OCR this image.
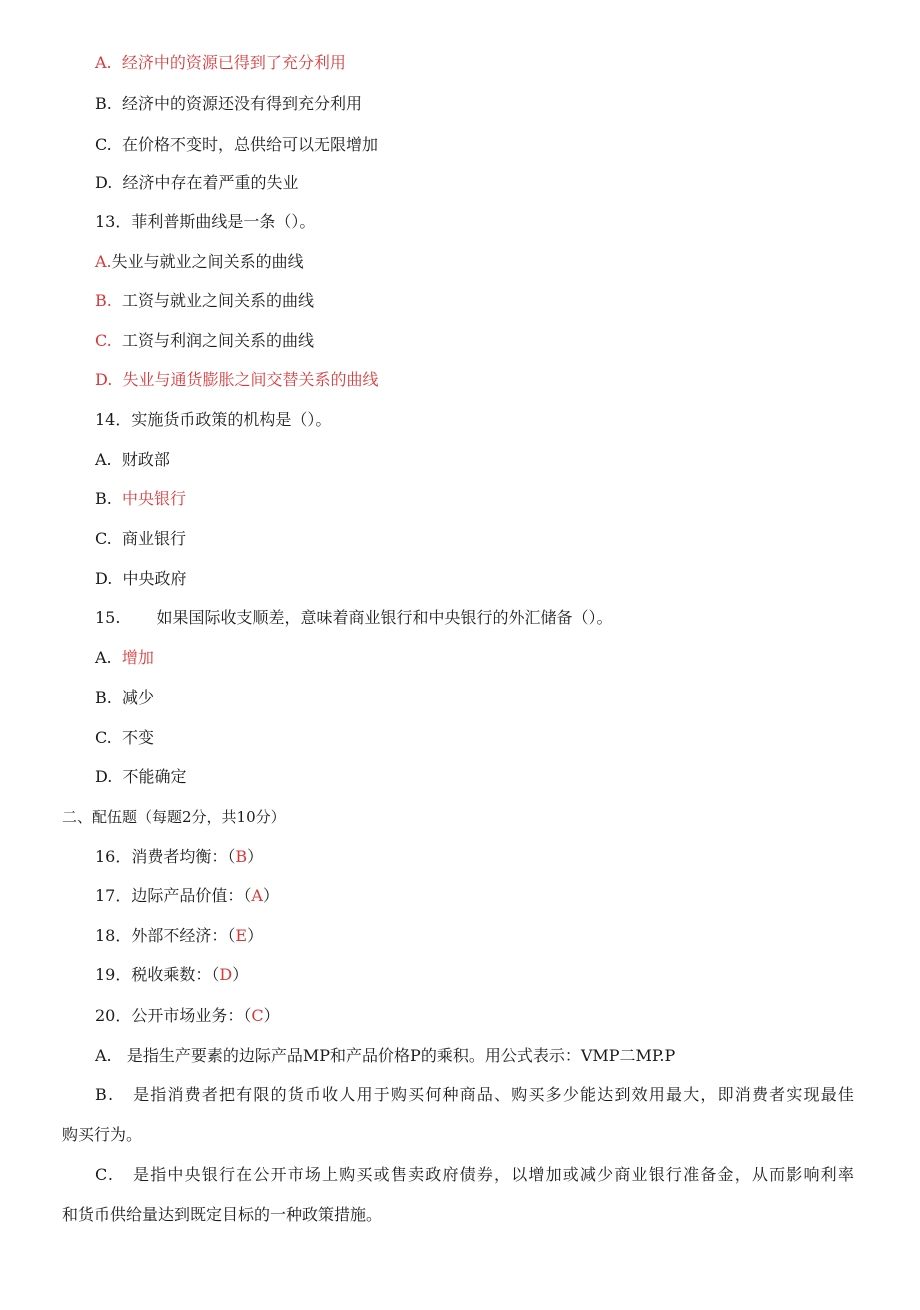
A. 经济中的资源已得到了充分利用
B. 经济中的资源还没有得到充分利用
C. 在价格不变时，总供给可以无限增加
D. 经济中存在着严重的失业
13．菲利普斯曲线是一条（）。
A.失业与就业之间关系的曲线
B. 工资与就业之间关系的曲线
C. 工资与利润之间关系的曲线
D. 失业与通货膨胀之间交替关系的曲线
14．实施货币政策的机构是（）。
A. 财政部
B. 中央银行
C. 商业银行
D. 中央政府
15. 如果国际收支顺差，意味着商业银行和中央银行的外汇储备（）。
A. 增加
B. 减少
C. 不变
D. 不能确定
二、配伍题（每题2分，共10分）
16．消费者均衡：（B）
17．边际产品价值：（A）
18．外部不经济：（E）
19．税收乘数：（D）
20．公开市场业务：（C）
A. 是指生产要素的边际产品MP和产品价格P的乘积。用公式表示：VMP二MP.P
B. 是指消费者把有限的货币收人用于购买何种商品、购买多少能达到效用最大，即消费者实现最佳
购买行为。
C. 是指中央银行在公开市场上购买或售卖政府债券，以增加或减少商业银行准备金，从而影响利率
和货币供给量达到既定目标的一种政策措施。
